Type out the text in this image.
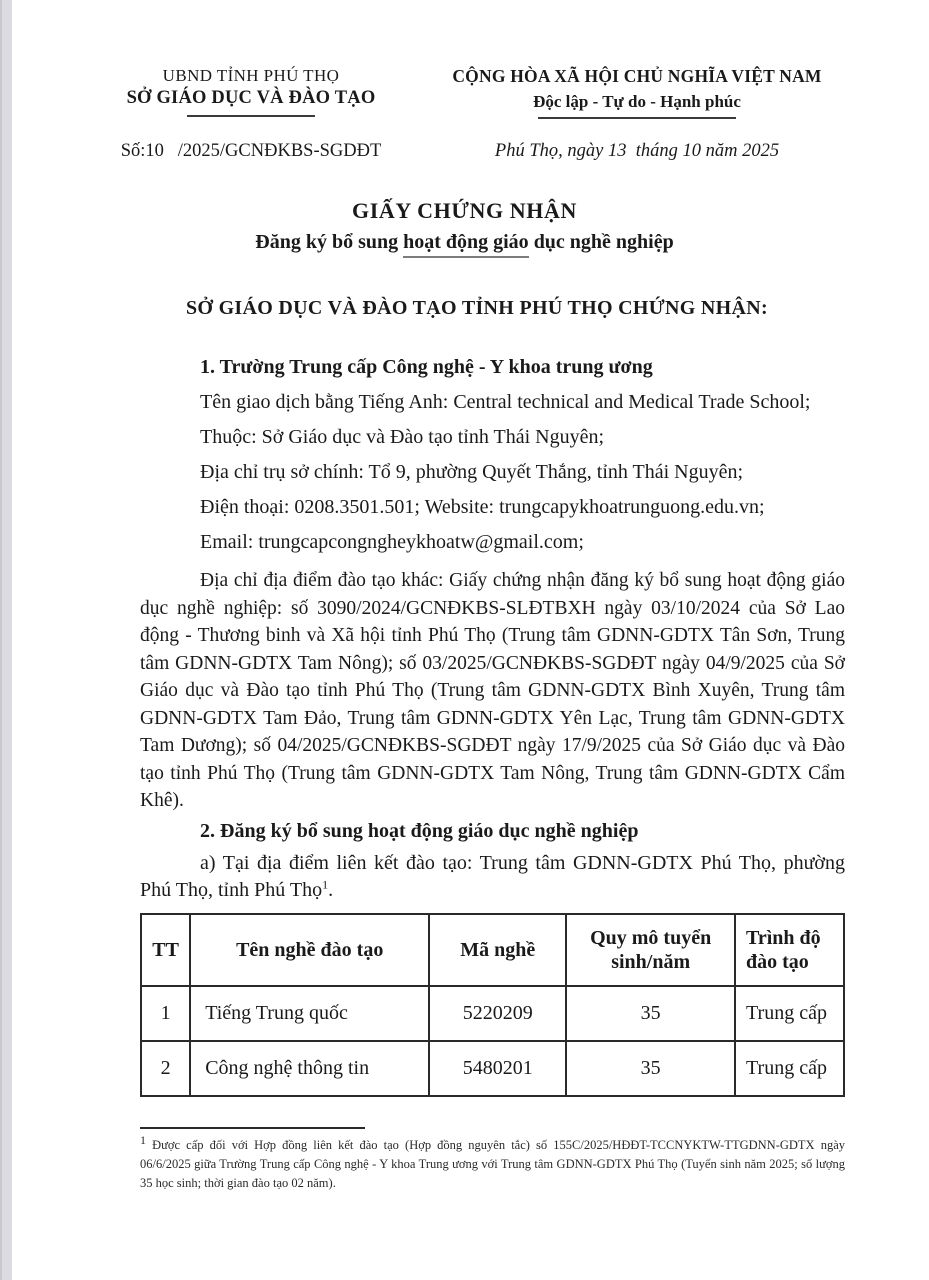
UBND TỈNH PHÚ THỌ
SỞ GIÁO DỤC VÀ ĐÀO TẠO
CỘNG HÒA XÃ HỘI CHỦ NGHĨA VIỆT NAM
Độc lập - Tự do - Hạnh phúc
Số:10   /2025/GCNĐKBS-SGDĐT	Phú Thọ, ngày 13  tháng 10 năm 2025
GIẤY CHỨNG NHẬN
Đăng ký bổ sung hoạt động giáo dục nghề nghiệp
SỞ GIÁO DỤC VÀ ĐÀO TẠO TỈNH PHÚ THỌ CHỨNG NHẬN:
1. Trường Trung cấp Công nghệ - Y khoa trung ương
Tên giao dịch bằng Tiếng Anh: Central technical and Medical Trade School;
Thuộc: Sở Giáo dục và Đào tạo tỉnh Thái Nguyên;
Địa chỉ trụ sở chính: Tổ 9, phường Quyết Thắng, tỉnh Thái Nguyên;
Điện thoại: 0208.3501.501; Website: trungcapykhoatrunguong.edu.vn;
Email: trungcapcongngheykhoatw@gmail.com;
Địa chỉ địa điểm đào tạo khác: Giấy chứng nhận đăng ký bổ sung hoạt động giáo dục nghề nghiệp: số 3090/2024/GCNĐKBS-SLĐTBXH ngày 03/10/2024 của Sở Lao động - Thương binh và Xã hội tỉnh Phú Thọ (Trung tâm GDNN-GDTX Tân Sơn, Trung tâm GDNN-GDTX Tam Nông); số 03/2025/GCNĐKBS-SGDĐT ngày 04/9/2025 của Sở Giáo dục và Đào tạo tỉnh Phú Thọ (Trung tâm GDNN-GDTX Bình Xuyên, Trung tâm GDNN-GDTX Tam Đảo, Trung tâm GDNN-GDTX Yên Lạc, Trung tâm GDNN-GDTX Tam Dương); số 04/2025/GCNĐKBS-SGDĐT ngày 17/9/2025 của Sở Giáo dục và Đào tạo tỉnh Phú Thọ (Trung tâm GDNN-GDTX Tam Nông, Trung tâm GDNN-GDTX Cẩm Khê).
2. Đăng ký bổ sung hoạt động giáo dục nghề nghiệp
a) Tại địa điểm liên kết đào tạo: Trung tâm GDNN-GDTX Phú Thọ, phường Phú Thọ, tỉnh Phú Thọ$^1$.
TT	Tên nghề đào tạo	Mã nghề	Quy mô tuyển sinh/năm	Trình độ đào tạo
1	Tiếng Trung quốc	5220209	35	Trung cấp
2	Công nghệ thông tin	5480201	35	Trung cấp
$^1$ Được cấp đối với Hợp đồng liên kết đào tạo (Hợp đồng nguyên tắc) số 155C/2025/HĐĐT-TCCNYKTW-TTGDNN-GDTX ngày 06/6/2025 giữa Trường Trung cấp Công nghệ - Y khoa Trung ương với Trung tâm GDNN-GDTX Phú Thọ (Tuyển sinh năm 2025; số lượng 35 học sinh; thời gian đào tạo 02 năm).
